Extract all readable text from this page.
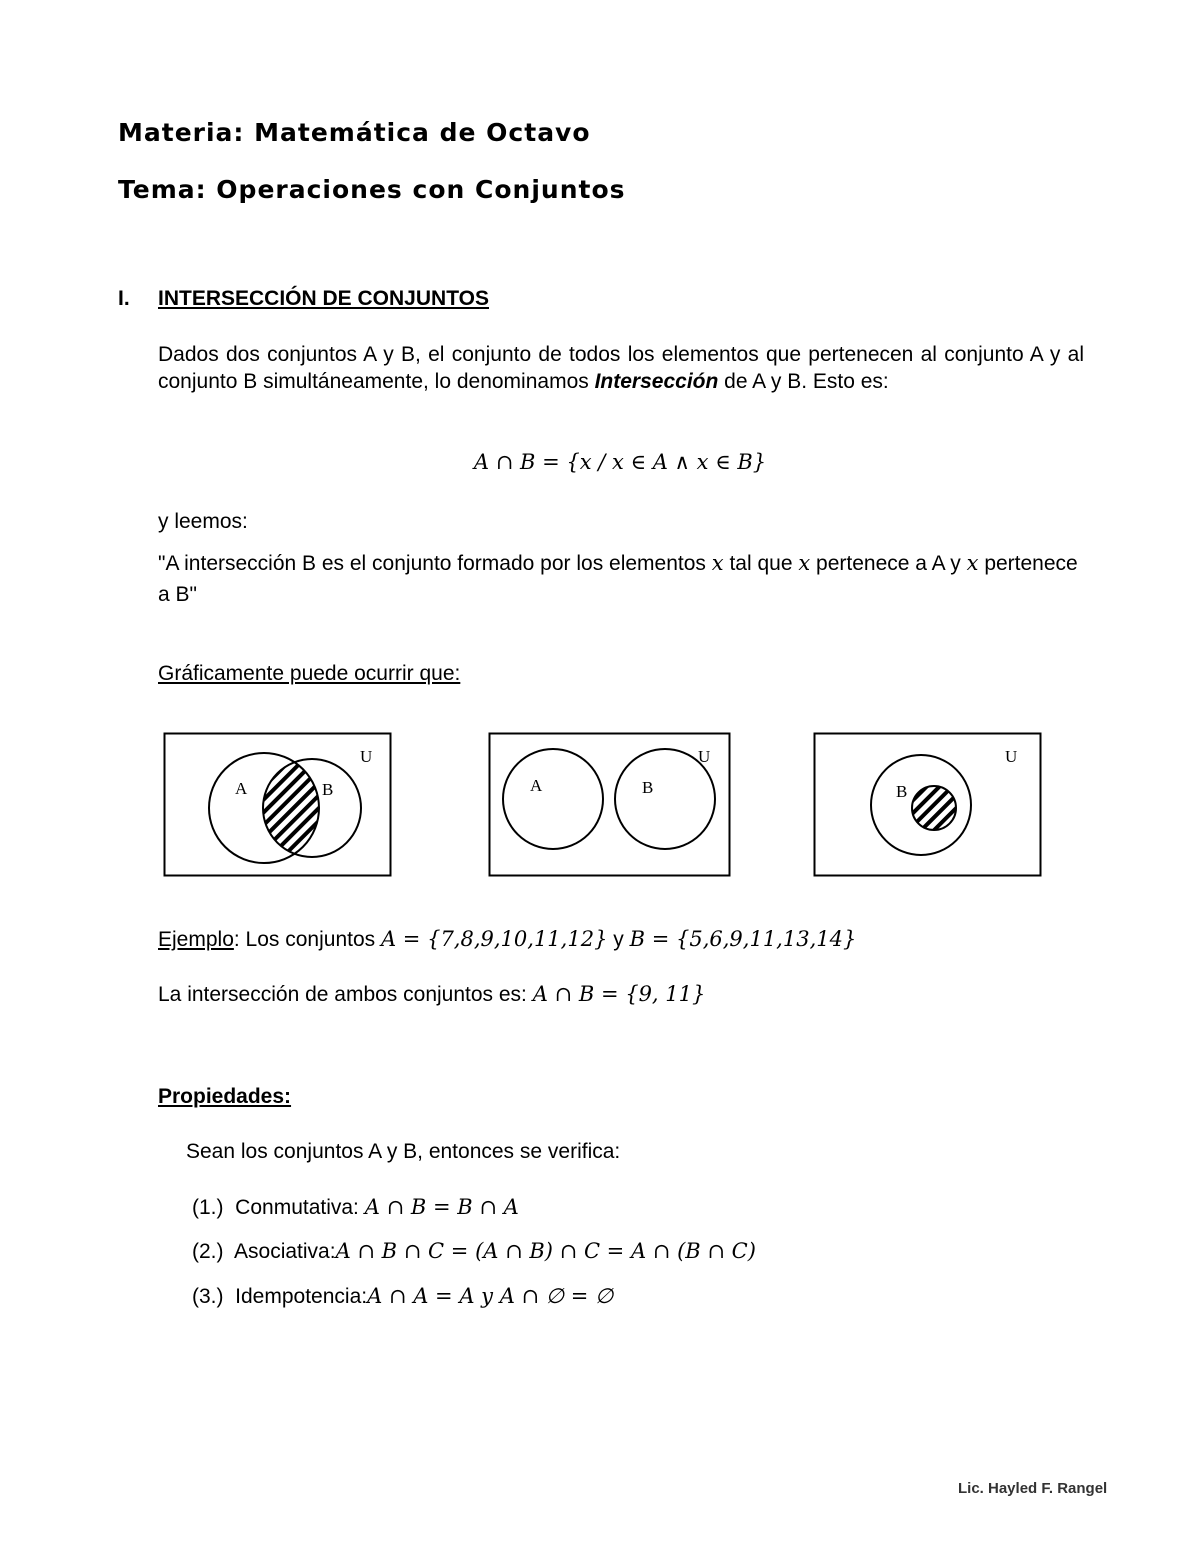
Materia: Matemática de Octavo
Tema: Operaciones con Conjuntos
I. INTERSECCIÓN DE CONJUNTOS
Dados dos conjuntos A y B, el conjunto de todos los elementos que pertenecen al conjunto A y al conjunto B simultáneamente, lo denominamos Intersección de A y B. Esto es:
A ∩ B = {x / x ∈ A ∧ x ∈ B}
y leemos:
"A intersección B es el conjunto formado por los elementos x tal que x pertenece a A y x pertenece a B"
Gráficamente puede ocurrir que:
U
A	B
U
A	B
U
B
Ejemplo: Los conjuntos A = {7,8,9,10,11,12} y B = {5,6,9,11,13,14}
La intersección de ambos conjuntos es: A ∩ B = {9, 11}
Propiedades:
Sean los conjuntos A y B, entonces se verifica:
(1.) Conmutativa: A ∩ B = B ∩ A
(2.) Asociativa:A ∩ B ∩ C = (A ∩ B) ∩ C = A ∩ (B ∩ C)
(3.) Idempotencia:A ∩ A = A y A ∩ ∅ = ∅
Lic. Hayled F. Rangel
